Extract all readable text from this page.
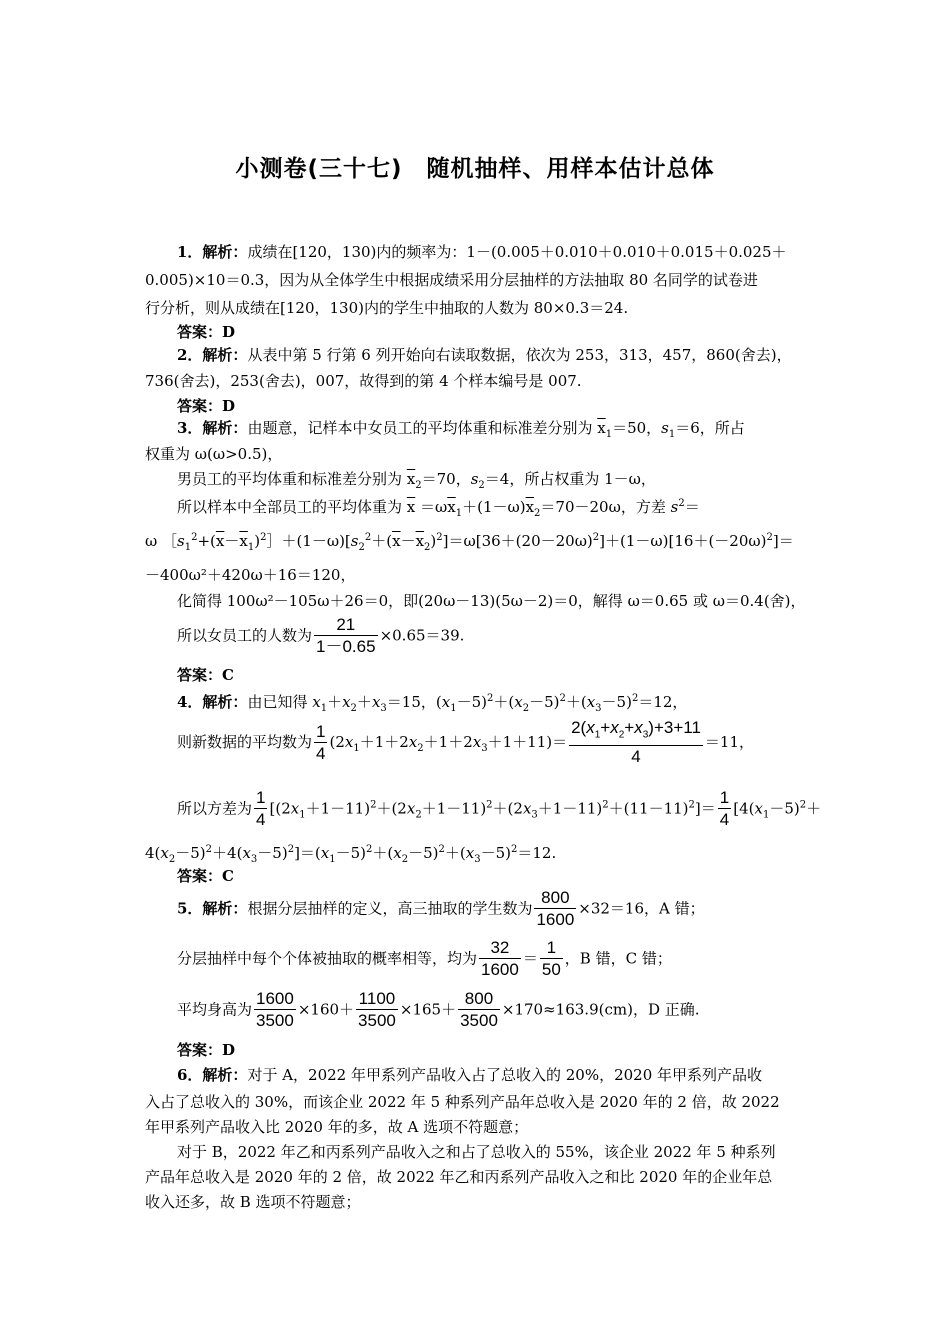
小测卷(三十七)　随机抽样、用样本估计总体
1．解析：成绩在[120，130)内的频率为：1－(0.005＋0.010＋0.010＋0.015＋0.025＋
0.005)×10＝0.3，因为从全体学生中根据成绩采用分层抽样的方法抽取 80 名同学的试卷进
行分析，则从成绩在[120，130)内的学生中抽取的人数为 80×0.3＝24.
答案：D
2．解析：从表中第 5 行第 6 列开始向右读取数据，依次为 253，313，457，860(舍去)，
736(舍去)，253(舍去)，007，故得到的第 4 个样本编号是 007.
答案：D
3．解析：由题意，记样本中女员工的平均体重和标准差分别为 $\overline{x}_1=50$，$s_1=6$，所占
权重为 ω(ω>0.5)，
男员工的平均体重和标准差分别为 $\overline{x}_2=70$，$s_2=4$，所占权重为 1－ω，
所以样本中全部员工的平均体重为 $\overline{x} =\omega\overline{x}_1+(1-\omega)\overline{x}_2=70-20\omega$，方差 $s^2=$
ω $[s_1^2+(\overline{x}-\overline{x}_1)^2]+(1-\omega)[s_2^2+(\overline{x}-\overline{x}_2)^2]=\omega[36+(20-20\omega)^2]+(1-\omega)[16+(-20\omega)^2]=$
－400ω²＋420ω＋16＝120，
化简得 100ω²－105ω＋26＝0，即(20ω－13)(5ω－2)＝0，解得 ω＝0.65 或 ω＝0.4(舍)，
所以女员工的人数为 $\frac{21}{1-0.65} \times 0.65=39$.
答案：C
4．解析：由已知得 $x_1+x_2+x_3=15$，$(x_1-5)^2+(x_2-5)^2+(x_3-5)^2=12$，
则新数据的平均数为 $\frac{1}{4} (2x_1+1+2x_2+1+2x_3+1+11)= \frac{2(x_1+x_2+x_3)+3+11}{4} =11$，
所以方差为 $\frac{1}{4} [(2x_1+1-11)^2+(2x_2+1-11)^2+(2x_3+1-11)^2+(11-11)^2]= \frac{1}{4} [4(x_1-5)^2+$
$4(x_2-5)^2+4(x_3-5)^2]=(x_1-5)^2+(x_2-5)^2+(x_3-5)^2=12$.
答案：C
5．解析：根据分层抽样的定义，高三抽取的学生数为 $\frac{800}{1600} \times 32=16$，A 错；
分层抽样中每个个体被抽取的概率相等，均为 $\frac{32}{1600} = \frac{1}{50}$ ，B 错，C 错；
平均身高为 $\frac{1600}{3500} \times 160+ \frac{1100}{3500} \times 165+ \frac{800}{3500} \times 170\approx 163.9(cm)$，D 正确.
答案：D
6．解析：对于 A，2022 年甲系列产品收入占了总收入的 20%，2020 年甲系列产品收
入占了总收入的 30%，而该企业 2022 年 5 种系列产品年总收入是 2020 年的 2 倍，故 2022
年甲系列产品收入比 2020 年的多，故 A 选项不符题意；
对于 B，2022 年乙和丙系列产品收入之和占了总收入的 55%，该企业 2022 年 5 种系列
产品年总收入是 2020 年的 2 倍，故 2022 年乙和丙系列产品收入之和比 2020 年的企业年总
收入还多，故 B 选项不符题意；
